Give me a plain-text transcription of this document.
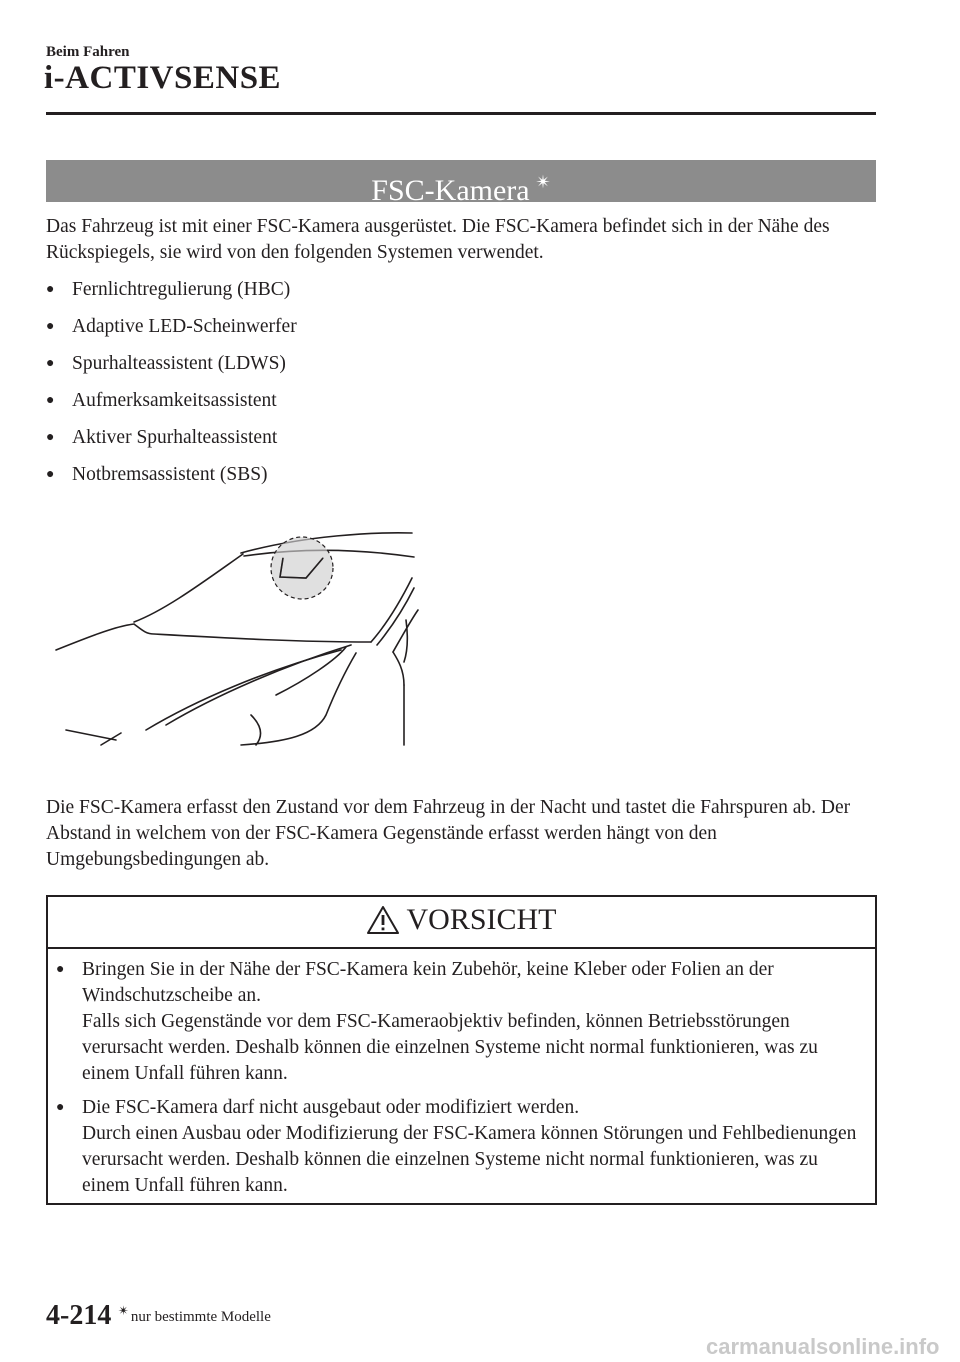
Beim Fahren
i-ACTIVSENSE
FSC-Kamera ✴
Das Fahrzeug ist mit einer FSC-Kamera ausgerüstet. Die FSC-Kamera befindet sich in der Nähe des Rückspiegels, sie wird von den folgenden Systemen verwendet.
● Fernlichtregulierung (HBC)
● Adaptive LED-Scheinwerfer
● Spurhalteassistent (LDWS)
● Aufmerksamkeitsassistent
● Aktiver Spurhalteassistent
● Notbremsassistent (SBS)
Die FSC-Kamera erfasst den Zustand vor dem Fahrzeug in der Nacht und tastet die Fahrspuren ab. Der Abstand in welchem von der FSC-Kamera Gegenstände erfasst werden hängt von den Umgebungsbedingungen ab.
VORSICHT
● Bringen Sie in der Nähe der FSC-Kamera kein Zubehör, keine Kleber oder Folien an der Windschutzscheibe an.
Falls sich Gegenstände vor dem FSC-Kameraobjektiv befinden, können Betriebsstörungen verursacht werden. Deshalb können die einzelnen Systeme nicht normal funktionieren, was zu einem Unfall führen kann.
● Die FSC-Kamera darf nicht ausgebaut oder modifiziert werden.
Durch einen Ausbau oder Modifizierung der FSC-Kamera können Störungen und Fehlbedienungen verursacht werden. Deshalb können die einzelnen Systeme nicht normal funktionieren, was zu einem Unfall führen kann.
4-214 ✴ nur bestimmte Modelle
carmanualsonline.info
